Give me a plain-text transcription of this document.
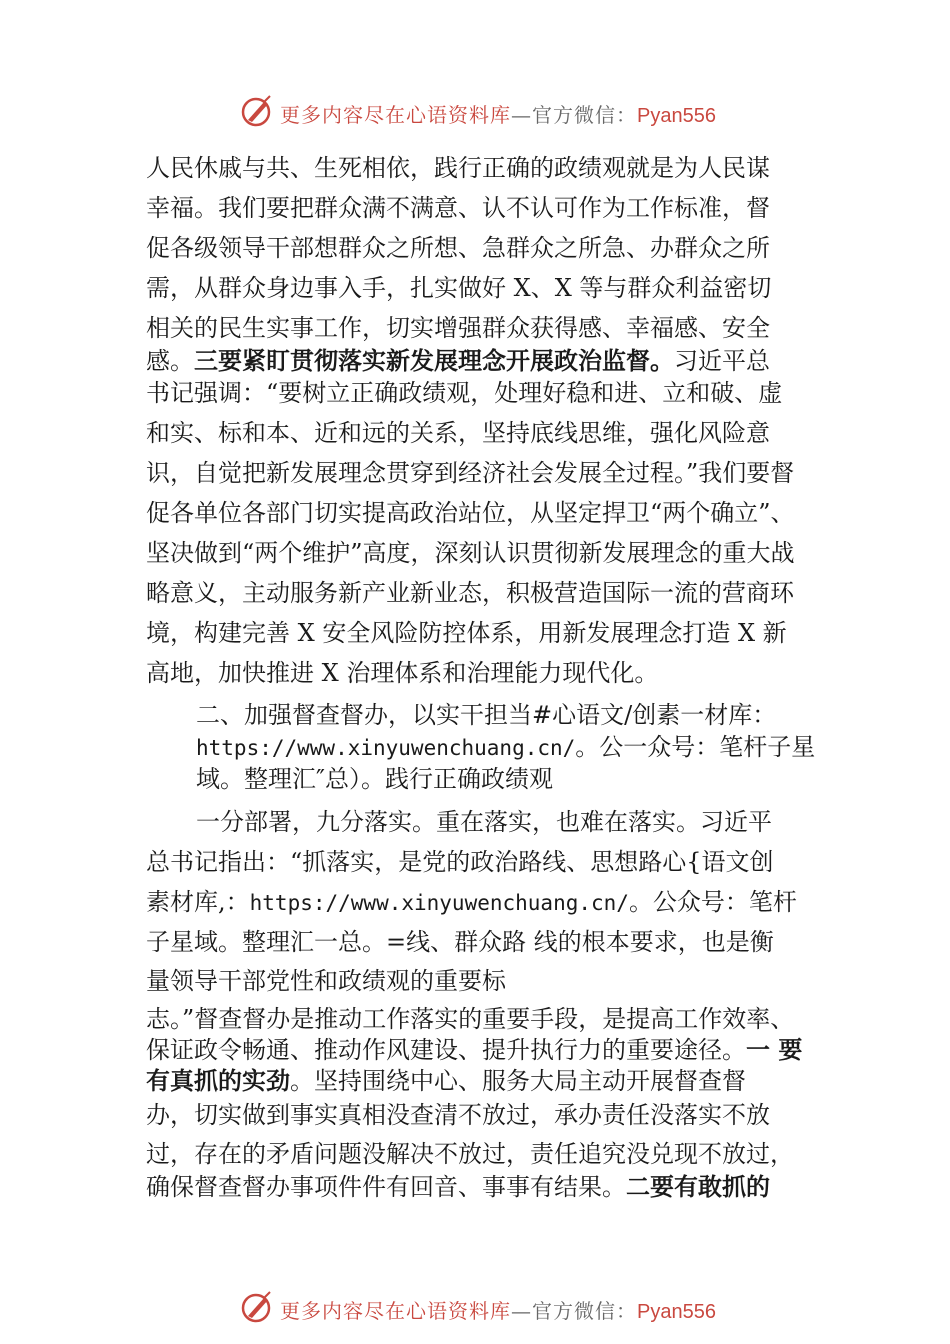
更多内容尽在心语资料库—官方微信：Pyan556
人民休戚与共、生死相依，践行正确的政绩观就是为人民谋
幸福。我们要把群众满不满意、认不认可作为工作标准，督
促各级领导干部想群众之所想、急群众之所急、办群众之所
需，从群众身边事入手，扎实做好 X、X 等与群众利益密切
相关的民生实事工作，切实增强群众获得感、幸福感、安全
感。三要紧盯贯彻落实新发展理念开展政治监督。习近平总
书记强调：“要树立正确政绩观，处理好稳和进、立和破、虚
和实、标和本、近和远的关系，坚持底线思维，强化风险意
识，自觉把新发展理念贯穿到经济社会发展全过程。”我们要督
促各单位各部门切实提高政治站位，从坚定捍卫“两个确立”、
坚决做到“两个维护”高度，深刻认识贯彻新发展理念的重大战
略意义，主动服务新产业新业态，积极营造国际一流的营商环
境，构建完善 X 安全风险防控体系，用新发展理念打造 X 新
高地，加快推进 X 治理体系和治理能力现代化。
二、加强督查督办，以实干担当#心语文/创素一材库：
https://www.xinyuwenchuang.cn/。公一众号：笔杆子星
域。整理汇″总）。践行正确政绩观
一分部署，九分落实。重在落实，也难在落实。习近平
总书记指出：“抓落实，是党的政治路线、思想路心{语文创
素材库,：https://www.xinyuwenchuang.cn/。公众号：笔杆
子星域。整理汇一总。=线、群众路 线的根本要求，也是衡
量领导干部党性和政绩观的重要标
志。”督查督办是推动工作落实的重要手段，是提高工作效率、
保证政令畅通、推动作风建设、提升执行力的重要途径。一 要
有真抓的实劲。坚持围绕中心、服务大局主动开展督查督
办，切实做到事实真相没查清不放过，承办责任没落实不放
过，存在的矛盾问题没解决不放过，责任追究没兑现不放过，
确保督查督办事项件件有回音、事事有结果。二要有敢抓的
更多内容尽在心语资料库—官方微信：Pyan556
